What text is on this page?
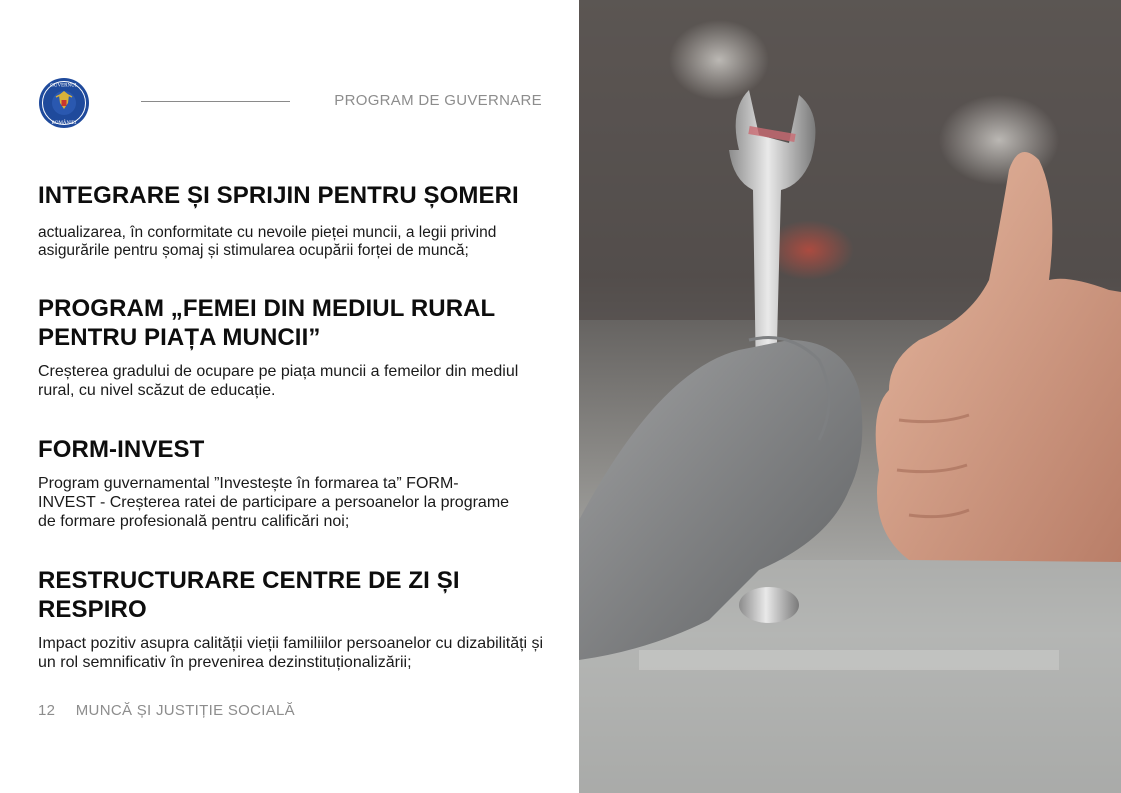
GUVERNUL
ROMÂNIEI
PROGRAM DE GUVERNARE
INTEGRARE ȘI SPRIJIN PENTRU ȘOMERI

actualizarea, în conformitate cu nevoile pieței muncii, a legii privind asigurările pentru șomaj și stimularea ocupării forței de muncă;

PROGRAM „FEMEI DIN MEDIUL RURAL PENTRU PIAȚA MUNCII”

Creșterea gradului de ocupare pe piața muncii a femeilor din mediul rural, cu nivel scăzut de educație.

FORM-INVEST

Program guvernamental ”Investește în formarea ta” FORM-INVEST - Creșterea ratei de participare a persoanelor la programe de formare profesională pentru calificări noi;

RESTRUCTURARE CENTRE DE ZI ȘI RESPIRO

Impact pozitiv asupra calității vieții familiilor persoanelor cu dizabilități și un rol semnificativ în prevenirea dezinstituționalizării;

12 MUNCĂ ȘI JUSTIȚIE SOCIALĂ
